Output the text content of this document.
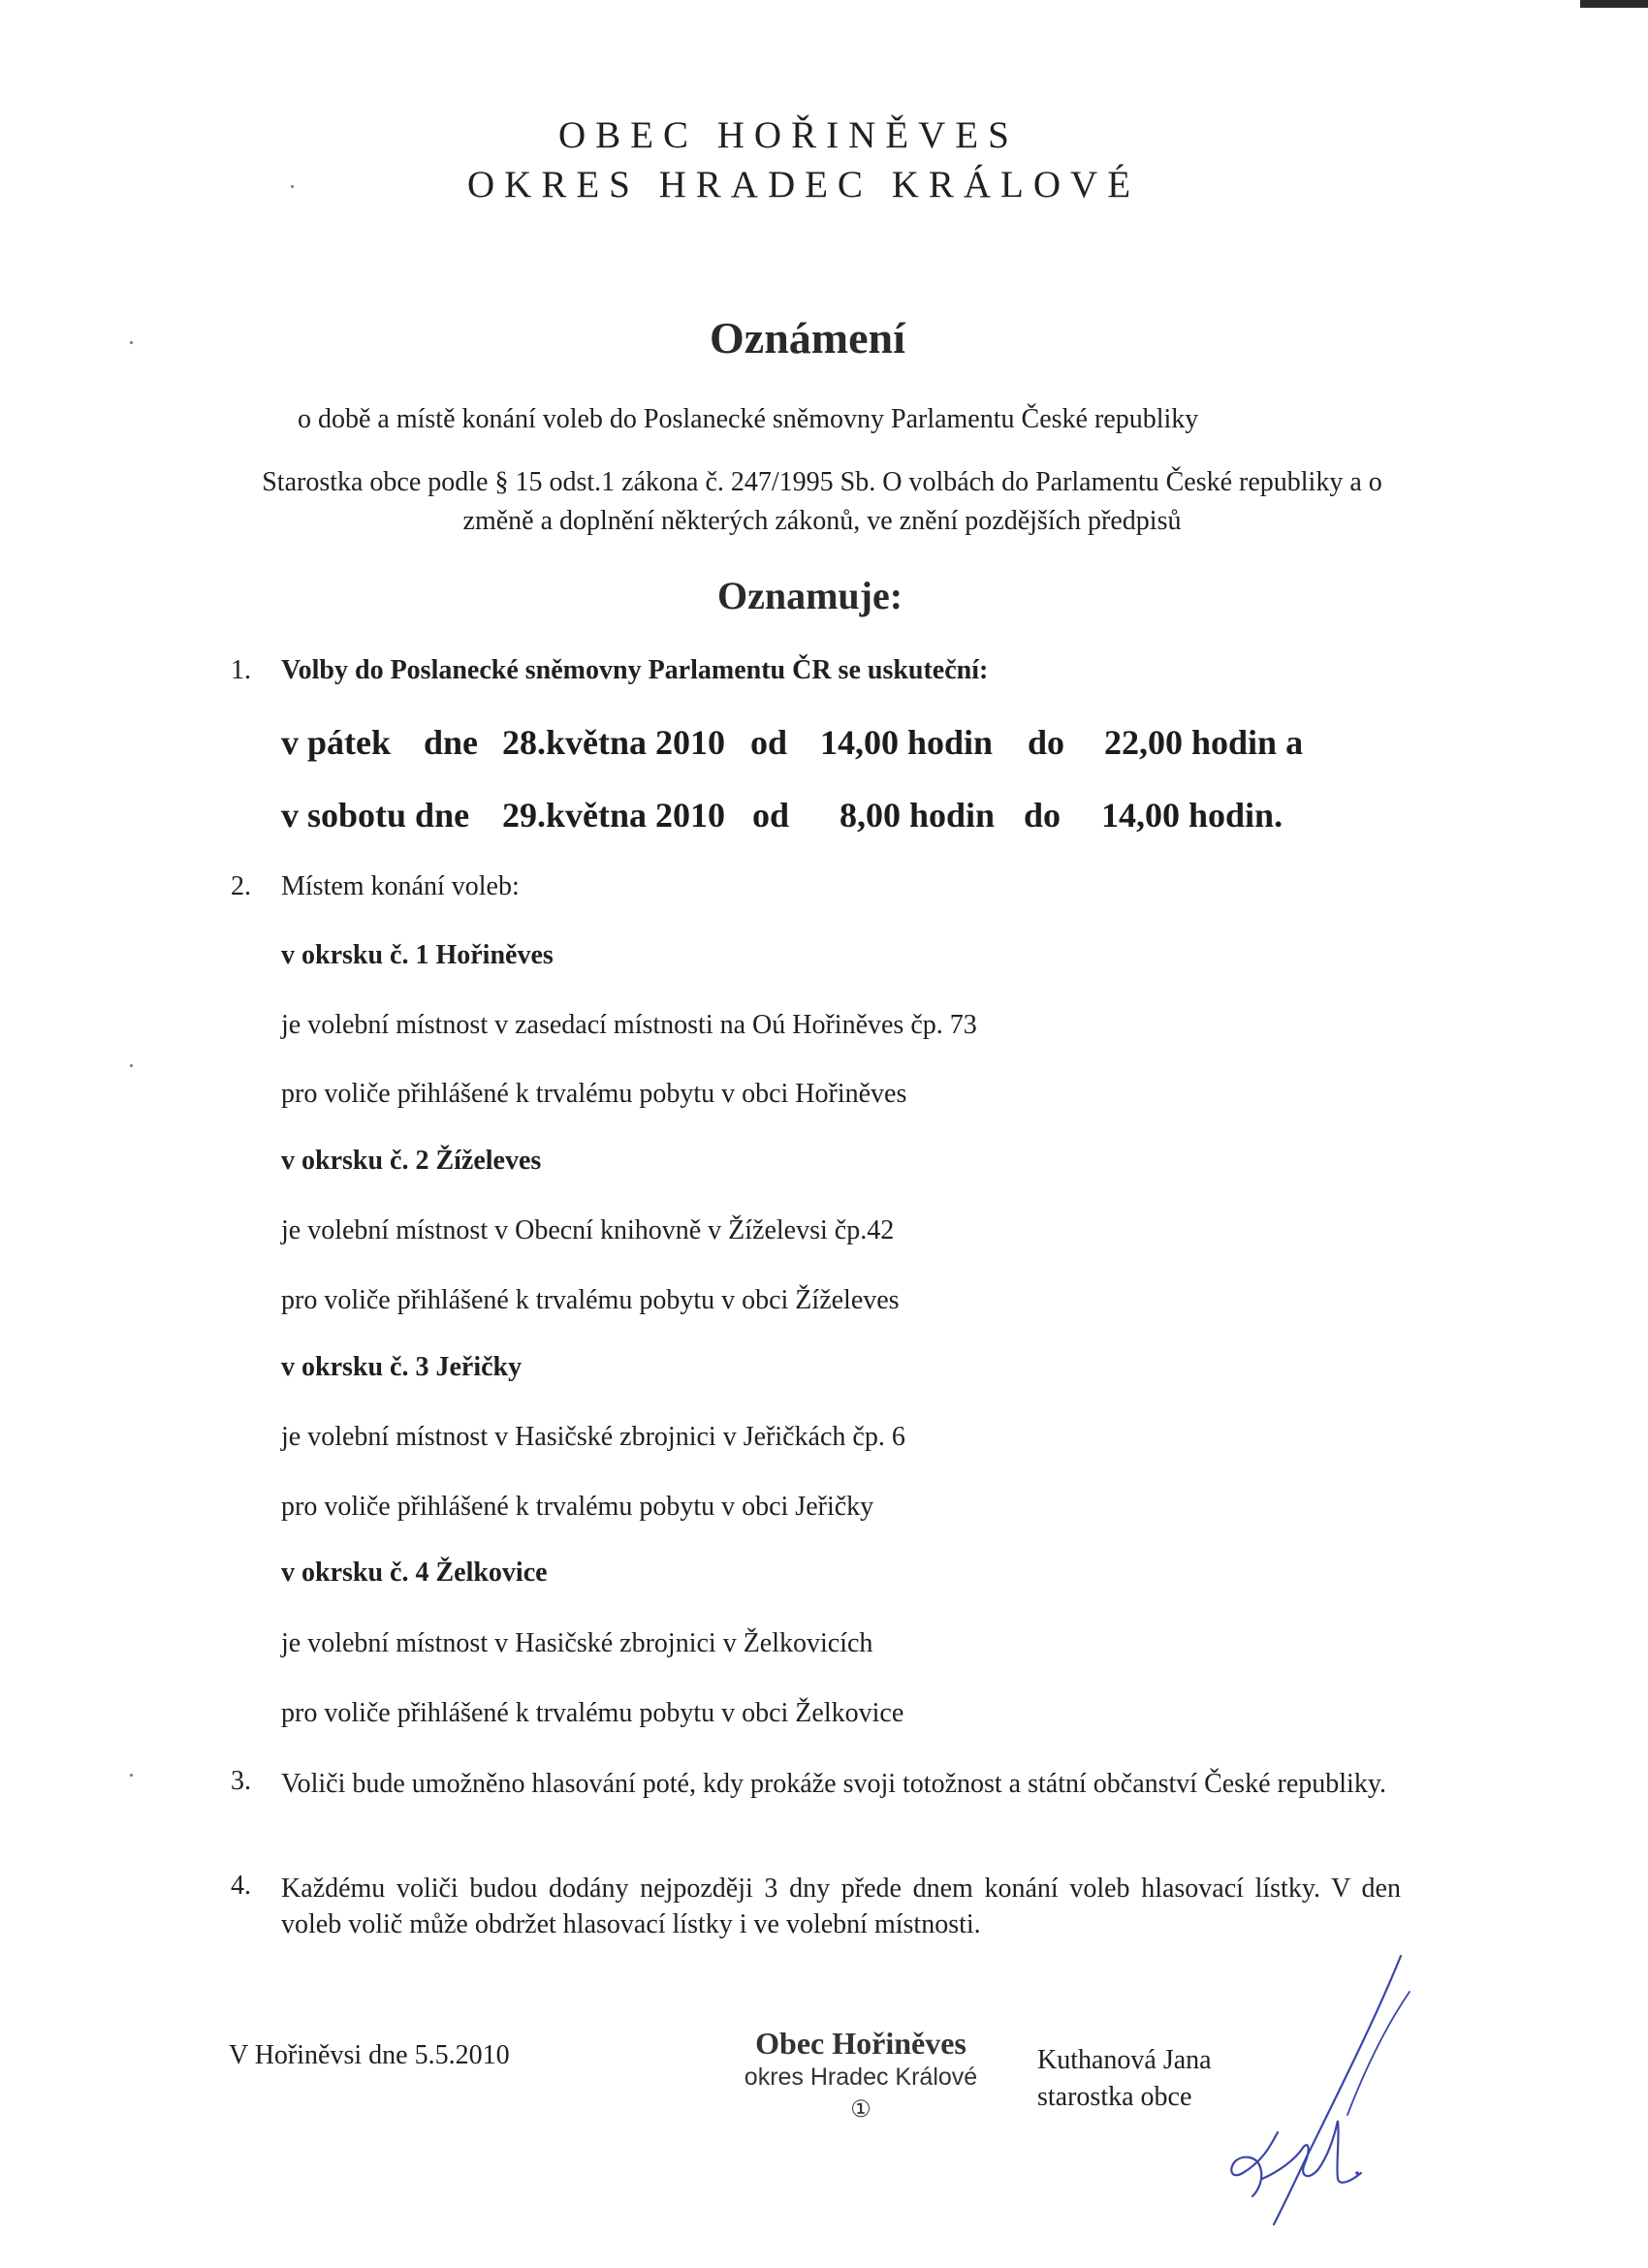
OBEC HOŘINĚVES
OKRES HRADEC KRÁLOVÉ
Oznámení
o době a místě konání voleb do Poslanecké sněmovny Parlamentu České republiky
Starostka obce podle § 15 odst.1 zákona č. 247/1995 Sb. O volbách do Parlamentu České republiky a o změně a doplnění některých zákonů, ve znění pozdějších předpisů
Oznamuje:
1. Volby do Poslanecké sněmovny Parlamentu ČR se uskuteční:
v pátek dne 28.května 2010 od 14,00 hodin do 22,00 hodin a
v sobotu dne 29.května 2010 od 8,00 hodin do 14,00 hodin.
2. Místem konání voleb:
v okrsku č. 1 Hořiněves
je volební místnost v zasedací místnosti na Oú Hořiněves čp. 73
pro voliče přihlášené k trvalému pobytu v obci Hořiněves
v okrsku č. 2 Žíželeves
je volební místnost v Obecní knihovně v Žíželevsi čp.42
pro voliče přihlášené k trvalému pobytu v obci Žíželeves
v okrsku č. 3 Jeřičky
je volební místnost v Hasičské zbrojnici v Jeřičkách čp. 6
pro voliče přihlášené k trvalému pobytu v obci Jeřičky
v okrsku č. 4 Želkovice
je volební místnost v Hasičské zbrojnici v Želkovicích
pro voliče přihlášené k trvalému pobytu v obci Želkovice
3. Voliči bude umožněno hlasování poté, kdy prokáže svoji totožnost a státní občanství České republiky.
4. Každému voliči budou dodány nejpozději 3 dny přede dnem konání voleb hlasovací lístky. V den voleb volič může obdržet hlasovací lístky i ve volební místnosti.
V Hořiněvsi dne 5.5.2010	Obec Hořiněves
okres Hradec Králové
①
Kuthanová Jana
starostka obce
